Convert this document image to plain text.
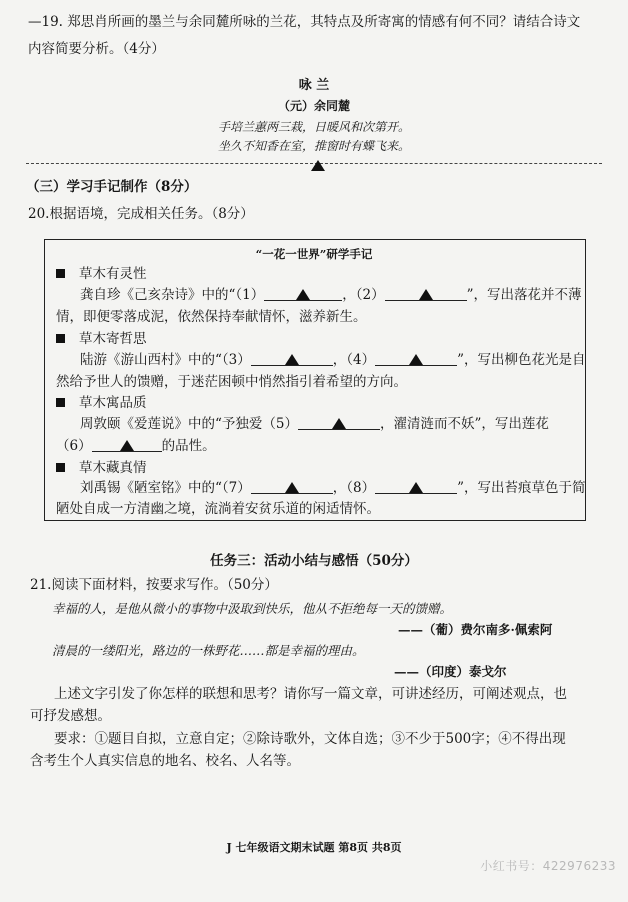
—19. 郑思肖所画的墨兰与余同麓所咏的兰花，其特点及所寄寓的情感有何不同？请结合诗文
内容简要分析。（4分）
咏 兰
（元）余同麓
手培兰蕙两三栽，日暖风和次第开。
坐久不知香在室，推窗时有蝶飞来。
（三）学习手记制作（8分）
20.根据语境，完成相关任务。（8分）
“一花一世界”研学手记
草木有灵性
龚自珍《己亥杂诗》中的“（1）	，（2）	”，写出落花并不薄
情，即便零落成泥，依然保持奉献情怀，滋养新生。
草木寄哲思
陆游《游山西村》中的“（3）	，（4）	”，写出柳色花光是自
然给予世人的馈赠，于迷茫困顿中悄然指引着希望的方向。
草木寓品质
周敦颐《爱莲说》中的“予独爱（5）	，濯清涟而不妖”，写出莲花
（6）	的品性。
草木藏真情
刘禹锡《陋室铭》中的“（7）	，（8）	”，写出苔痕草色于简
陋处自成一方清幽之境，流淌着安贫乐道的闲适情怀。
任务三：活动小结与感悟（50分）
21.阅读下面材料，按要求写作。（50分）
幸福的人，是他从微小的事物中汲取到快乐，他从不拒绝每一天的馈赠。
——（葡）费尔南多·佩索阿
清晨的一缕阳光，路边的一株野花……都是幸福的理由。
——（印度）泰戈尔
上述文字引发了你怎样的联想和思考？请你写一篇文章，可讲述经历，可阐述观点，也
可抒发感想。
要求：①题目自拟，立意自定；②除诗歌外，文体自选；③不少于500字；④不得出现
含考生个人真实信息的地名、校名、人名等。
J 七年级语文期末试题 第8页 共8页
小红书号：422976233
